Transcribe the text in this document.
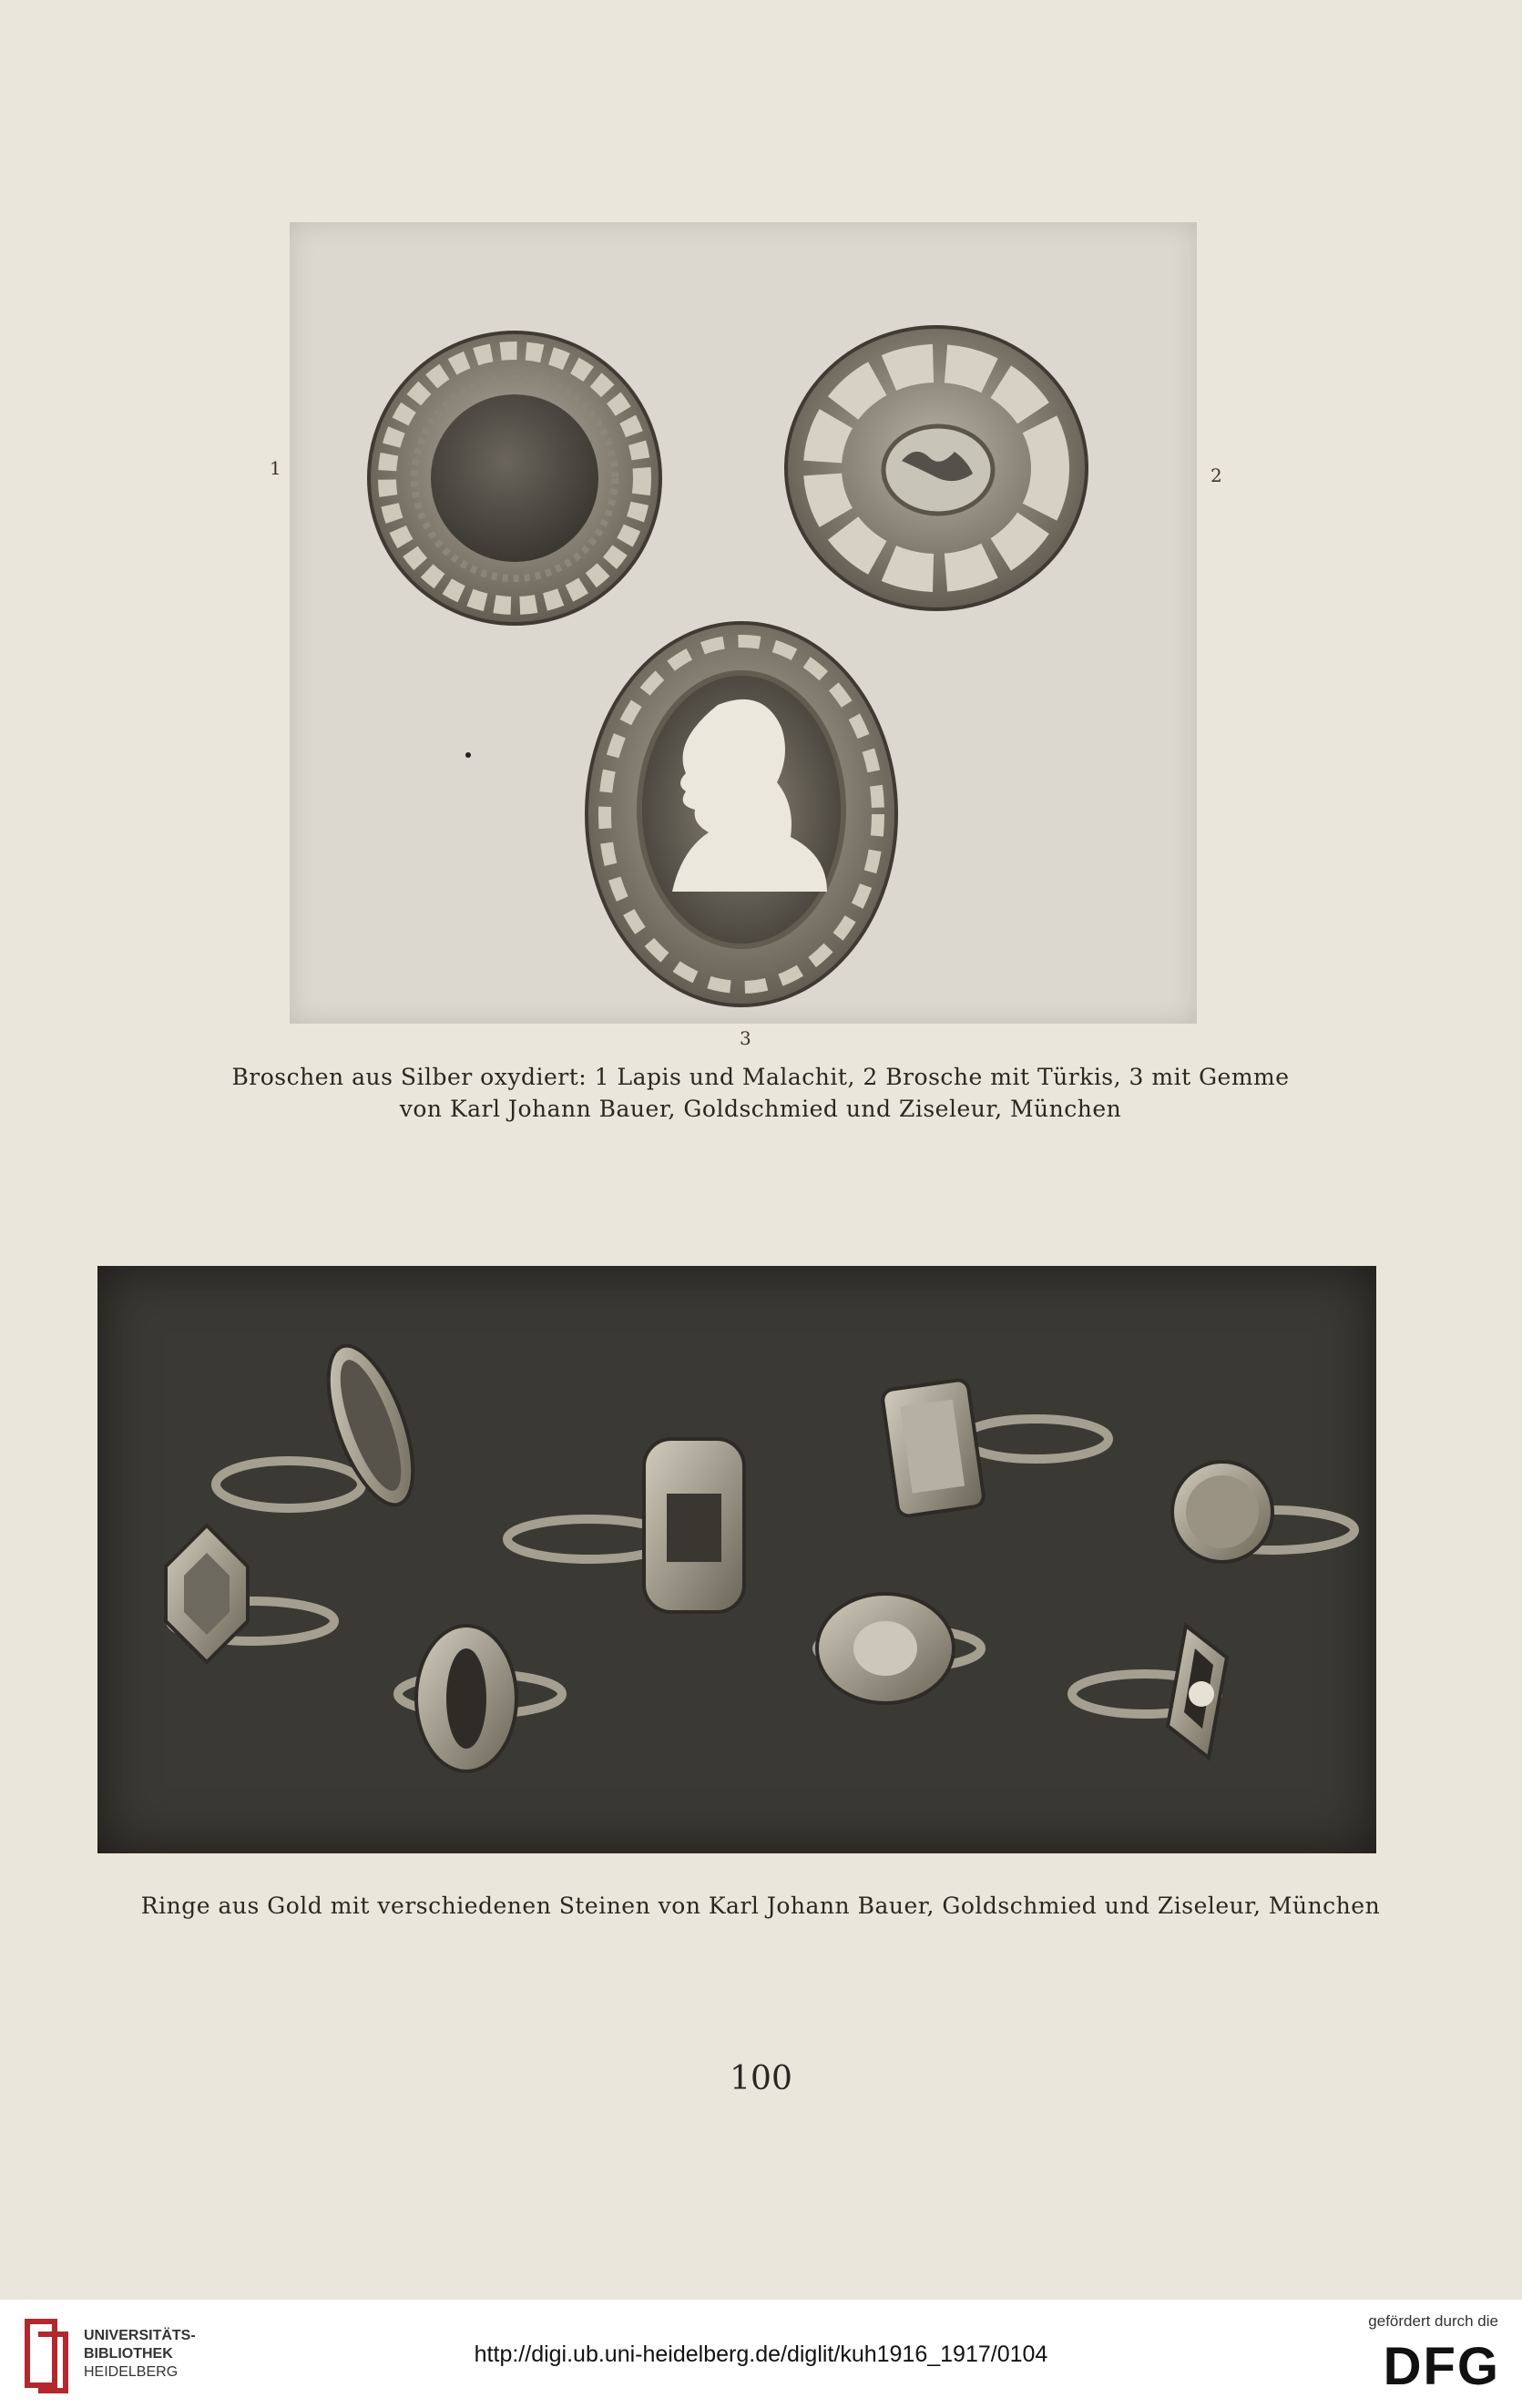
1	2
3
Broschen aus Silber oxydiert: 1 Lapis und Malachit, 2 Brosche mit Türkis, 3 mit Gemme
von Karl Johann Bauer, Goldschmied und Ziseleur, München
Ringe aus Gold mit verschiedenen Steinen von Karl Johann Bauer, Goldschmied und Ziseleur, München
100
UNIVERSITÄTS-
BIBLIOTHEK
HEIDELBERG
http://digi.ub.uni-heidelberg.de/diglit/kuh1916_1917/0104
gefördert durch die
DFG
